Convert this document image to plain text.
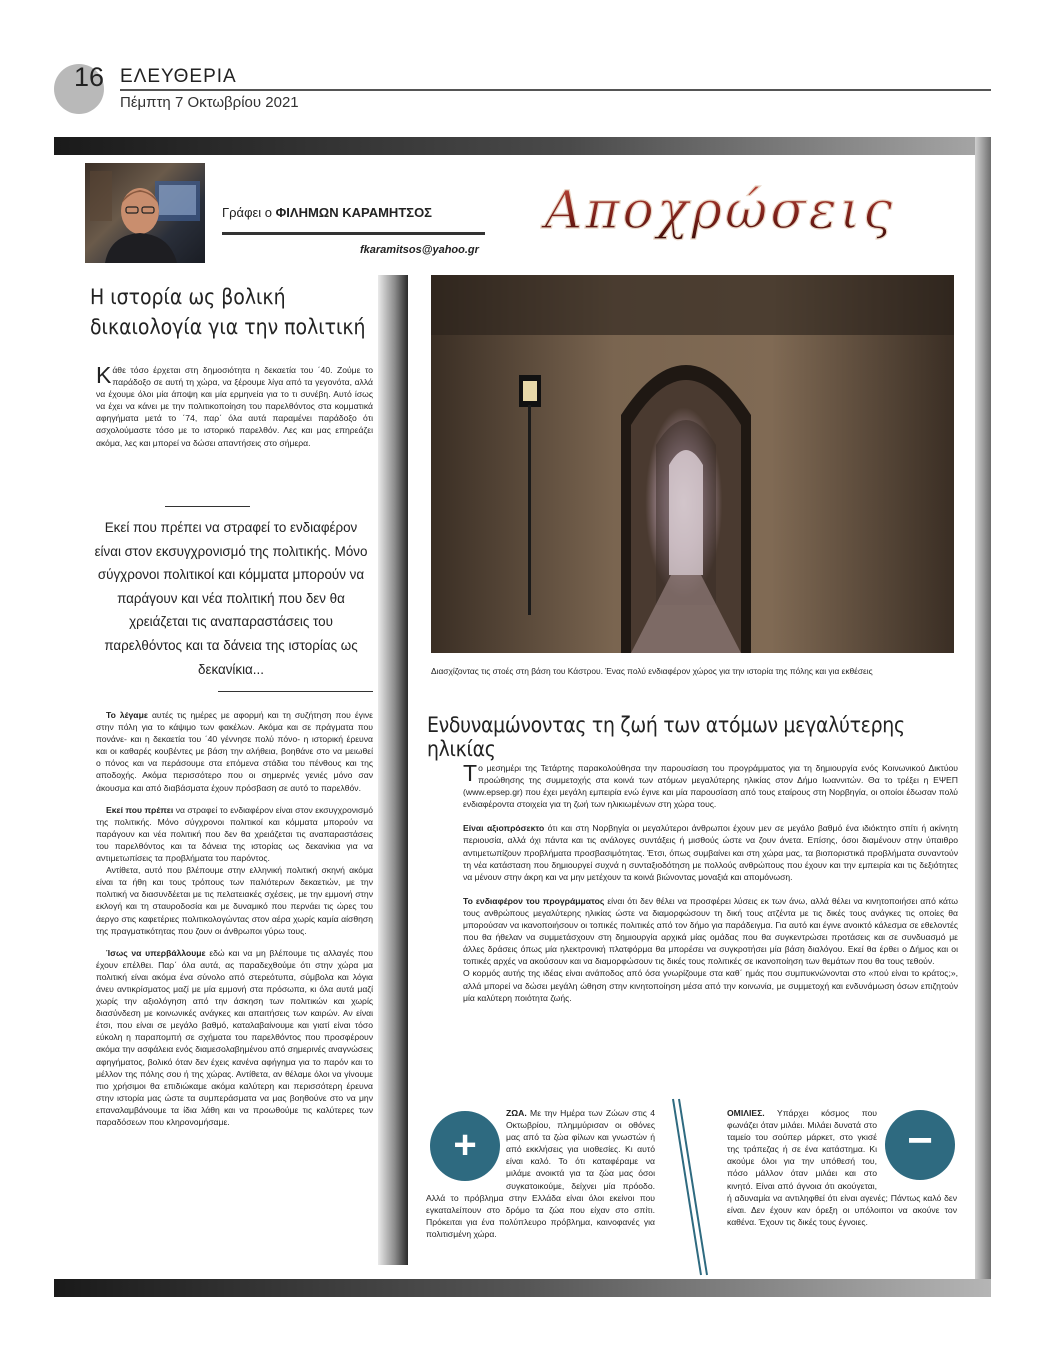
16 ΕΛΕΥΘΕΡΙΑ
Πέμπτη 7 Οκτωβρίου 2021
Γράφει ο ΦΙΛΗΜΩΝ ΚΑΡΑΜΗΤΣΟΣ
fkaramitsos@yahoo.gr
Αποχρώσεις
Η ιστορία ως βολική δικαιολογία για την πολιτική
Κάθε τόσο έρχεται στη δημοσιότητα η δεκαετία του ΄40. Ζούμε το παράδοξο σε αυτή τη χώρα, να ξέρουμε λίγα από τα γεγονότα, αλλά να έχουμε όλοι μία άποψη και μία ερμηνεία για το τι συνέβη. Αυτό ίσως να έχει να κάνει με την πολιτικοποίηση του παρελθόντος στα κομματικά αφηγήματα μετά το ΄74, παρ΄ όλα αυτά παραμένει παράδοξο ότι ασχολούμαστε τόσο με το ιστορικό παρελθόν. Λες και μας επηρεάζει ακόμα, λες και μπορεί να δώσει απαντήσεις στο σήμερα.
Εκεί που πρέπει να στραφεί το ενδιαφέρον είναι στον εκσυγχρονισμό της πολιτικής. Μόνο σύγχρονοι πολιτικοί και κόμματα μπορούν να παράγουν και νέα πολιτική που δεν θα χρειάζεται τις αναπαραστάσεις του παρελθόντος και τα δάνεια της ιστορίας ως δεκανίκια...

Το λέγαμε αυτές τις ημέρες με αφορμή και τη συζήτηση που έγινε στην πόλη για το κάψιμο των φακέλων. Ακόμα και σε πράγματα που πονάνε- και η δεκαετία του ΄40 γέννησε πολύ πόνο- η ιστορική έρευνα και οι καθαρές κουβέντες με βάση την αλήθεια, βοηθάνε στο να μειωθεί ο πόνος και να περάσουμε στα επόμενα στάδια του πένθους και της αποδοχής. Ακόμα περισσότερο που οι σημερινές γενιές μόνο σαν άκουσμα και από διαβάσματα έχουν πρόσβαση σε αυτό το παρελθόν.

Εκεί που πρέπει να στραφεί το ενδιαφέρον είναι στον εκσυγχρονισμό της πολιτικής. Μόνο σύγχρονοι πολιτικοί και κόμματα μπορούν να παράγουν και νέα πολιτική που δεν θα χρειάζεται τις αναπαραστάσεις του παρελθόντος και τα δάνεια της ιστορίας ως δεκανίκια για να αντιμετωπίσεις τα προβλήματα του παρόντος.

Αντίθετα, αυτό που βλέπουμε στην ελληνική πολιτική σκηνή ακόμα είναι τα ήθη και τους τρόπους των παλιότερων δεκαετιών, με την πολιτική να διασυνδέεται με τις πελατειακές σχέσεις, με την εμμονή στην εκλογή και τη σταυροδοσία και με δυναμικό που περνάει τις ώρες του άεργο στις καφετέριες πολιτικολογώντας στον αέρα χωρίς καμία αίσθηση της πραγματικότητας που ζουν οι άνθρωποι γύρω τους.

Ίσως να υπερβάλλουμε εδώ και να μη βλέπουμε τις αλλαγές που έχουν επέλθει. Παρ΄ όλα αυτά, ας παραδεχθούμε ότι στην χώρα μα πολιτική είναι ακόμα ένα σύνολο από στερεότυπα, σύμβολα και λόγια άνευ αντικρίσματος μαζί με μία εμμονή στα πρόσωπα, κι όλα αυτά μαζί χωρίς την αξιολόγηση από την άσκηση των πολιτικών και χωρίς διασύνδεση με κοινωνικές ανάγκες και απαιτήσεις των καιρών. Αν είναι έτσι, που είναι σε μεγάλο βαθμό, καταλαβαίνουμε και γιατί είναι τόσο εύκολη η παραπομπή σε σχήματα του παρελθόντος που προσφέρουν ακόμα την ασφάλεια ενός διαμεσολαβημένου από σημερινές αναγνώσεις αφηγήματος, βολικό όταν δεν έχεις κανένα αφήγημα για το παρόν και το μέλλον της πόλης σου ή της χώρας. Αντίθετα, αν θέλαμε όλοι να γίνουμε πιο χρήσιμοι θα επιδιώκαμε ακόμα καλύτερη και περισσότερη έρευνα στην ιστορία μας ώστε τα συμπεράσματα να μας βοηθούνε στο να μην επαναλαμβάνουμε τα ίδια λάθη και να προωθούμε τις καλύτερες των παραδόσεων που κληρονομήσαμε.

Διασχίζοντας τις στοές στη βάση του Κάστρου. Ένας πολύ ενδιαφέρον χώρος για την ιστορία της πόλης και για εκθέσεις
Ενδυναμώνοντας τη ζωή των ατόμων μεγαλύτερης ηλικίας

Το μεσημέρι της Τετάρτης παρακολούθησα την παρουσίαση του προγράμματος για τη δημιουργία ενός Κοινωνικού Δικτύου προώθησης της συμμετοχής στα κοινά των ατόμων μεγαλύτερης ηλικίας στον Δήμο Ιωαννιτών. Θα το τρέξει η ΕΨΕΠ (www.epsep.gr) που έχει μεγάλη εμπειρία ενώ έγινε και μία παρουσίαση από τους εταίρους στη Νορβηγία, οι οποίοι έδωσαν πολύ ενδιαφέροντα στοιχεία για τη ζωή των ηλικιωμένων στη χώρα τους.

Είναι αξιοπρόσεκτο ότι και στη Νορβηγία οι μεγαλύτεροι άνθρωποι έχουν μεν σε μεγάλο βαθμό ένα ιδιόκτητο σπίτι ή ακίνητη περιουσία, αλλά όχι πάντα και τις ανάλογες συντάξεις ή μισθούς ώστε να ζουν άνετα. Επίσης, όσοι διαμένουν στην ύπαιθρο αντιμετωπίζουν προβλήματα προσβασιμότητας. Έτσι, όπως συμβαίνει και στη χώρα μας, τα βιοποριστικά προβλήματα συναντούν τη νέα κατάσταση που δημιουργεί συχνά η συνταξιοδότηση με πολλούς ανθρώπους που έχουν και την εμπειρία και τις δεξιότητες να μένουν στην άκρη και να μην μετέχουν τα κοινά βιώνοντας μοναξιά και απομόνωση.

Το ενδιαφέρον του προγράμματος είναι ότι δεν θέλει να προσφέρει λύσεις εκ των άνω, αλλά θέλει να κινητοποιήσει από κάτω τους ανθρώπους μεγαλύτερης ηλικίας ώστε να διαμορφώσουν τη δική τους ατζέντα με τις δικές τους ανάγκες τις οποίες θα μπορούσαν να ικανοποιήσουν οι τοπικές πολιτικές από τον δήμο για παράδειγμα. Για αυτό και έγινε ανοικτό κάλεσμα σε εθελοντές που θα ήθελαν να συμμετάσχουν στη δημιουργία αρχικά μίας ομάδας που θα συγκεντρώσει προτάσεις και σε συνδυασμό με άλλες δράσεις όπως μία ηλεκτρονική πλατφόρμα θα μπορέσει να συγκροτήσει μία βάση διαλόγου. Εκεί θα έρθει ο Δήμος και οι τοπικές αρχές να ακούσουν και να διαμορφώσουν τις δικές τους πολιτικές σε ικανοποίηση των θεμάτων που θα τους τεθούν.

Ο κορμός αυτής της ιδέας είναι ανάποδος από όσα γνωρίζουμε στα καθ΄ ημάς που συμπυκνώνονται στο «πού είναι το κράτος;», αλλά μπορεί να δώσει μεγάλη ώθηση στην κινητοποίηση μέσα από την κοινωνία, με συμμετοχή και ενδυνάμωση όσων επιζητούν μία καλύτερη ποιότητα ζωής.

ΖΩΑ. Με την Ημέρα των Ζώων στις 4 Οκτωβρίου, πλημμύρισαν οι οθόνες μας από τα ζώα φίλων και γνωστών ή από εκκλήσεις για υιοθεσίες. Κι αυτό είναι καλό. Το ότι καταφέραμε να μιλάμε ανοικτά για τα ζώα μας όσοι συγκατοικούμε, δείχνει μία πρόοδο. Αλλά το πρόβλημα στην Ελλάδα είναι όλοι εκείνοι που εγκαταλείπουν στο δρόμο τα ζώα που είχαν στο σπίτι. Πρόκειται για ένα πολύπλευρο πρόβλημα, καινοφανές για πολιτισμένη χώρα.
+
ΟΜΙΛΙΕΣ. Υπάρχει κόσμος που φωνάζει όταν μιλάει. Μιλάει δυνατά στο ταμείο του σούπερ μάρκετ, στο γκισέ της τράπεζας ή σε ένα κατάστημα. Κι ακούμε όλοι για την υπόθεσή του, πόσο μάλλον όταν μιλάει και στο κινητό. Είναι από άγνοια ότι ακούγεται, ή αδυναμία να αντιληφθεί ότι είναι αγενές; Πάντως καλό δεν είναι. Δεν έχουν καν όρεξη οι υπόλοιποι να ακούνε τον καθένα. Έχουν τις δικές τους έγνοιες.
−
